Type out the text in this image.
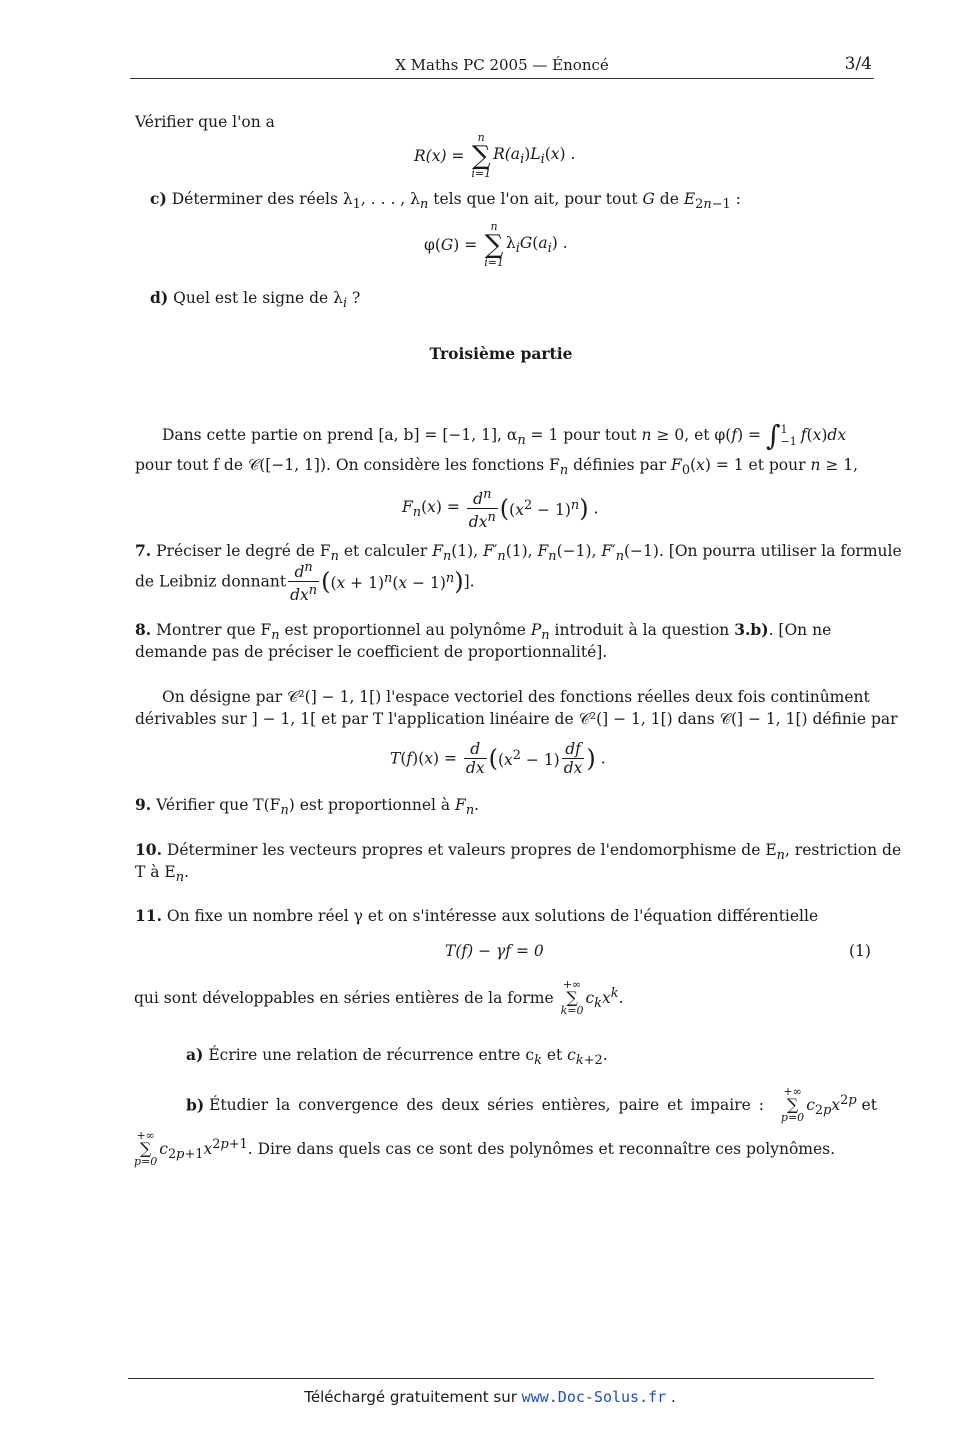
X Maths PC 2005 — Énoncé	3/4
Vérifier que l'on a
R(x) =
n
∑
i=1
$R(a_i)L_i(x)$ .
c) Déterminer des réels $\lambda_1$, . . . , $\lambda_n$ tels que l'on ait, pour tout G de $E_{2n-1}$ :
φ(G) =
n
∑
i=1
$\lambda_iG(a_i)$ .
d) Quel est le signe de $\lambda_i$ ?
Troisième partie
Dans cette partie on prend [a, b] = [−1, 1], $\alpha_n = 1$ pour tout n ≥ 0, et φ(f) = ∫ 1
−1 f(x)dx
pour tout f de 𝒞([−1, 1]). On considère les fonctions $F_n$ définies par $F_0(x) = 1$ et pour n ≥ 1,
$F_n(x) = \frac{d^n}{dx^n} ((x^2 - 1)^n)$ .
7. Préciser le degré de $F_n$ et calculer $F_n(1)$, $F'_n(1)$, $F_n(-1)$, $F'_n(-1)$. [On pourra utiliser la formule
de Leibniz donnant $\frac{d^n}{dx^n} ((x + 1)^n(x - 1)^n)$].
8. Montrer que $F_n$ est proportionnel au polynôme $P_n$ introduit à la question 3.b). [On ne
demande pas de préciser le coefficient de proportionnalité].
On désigne par 𝒞²(] − 1, 1[) l'espace vectoriel des fonctions réelles deux fois continûment
dérivables sur ] − 1, 1[ et par T l'application linéaire de 𝒞²(] − 1, 1[) dans 𝒞(] − 1, 1[) définie par
$T(f)(x) = \frac{d}{dx} ((x^2 - 1) \frac{df}{dx}$ ) .
9. Vérifier que $T(F_n)$ est proportionnel à $F_n$.
10. Déterminer les vecteurs propres et valeurs propres de l'endomorphisme de $E_n$, restriction de
T à $E_n$.
11. On fixe un nombre réel γ et on s'intéresse aux solutions de l'équation différentielle
T(f) − γf = 0	(1)
qui sont développables en séries entières de la forme
+∞
∑
k=0
$c_kx^k$.
a) Écrire une relation de récurrence entre $c_k$ et $c_{k+2}$.
b) Étudier la convergence des deux séries entières, paire et impaire :
+∞
∑
p=0
$c_{2p}x^{2p}$ et
+∞
∑
p=0
$c_{2p+1}x^{2p+1}$. Dire dans quels cas ce sont des polynômes et reconnaître ces polynômes.
Téléchargé gratuitement sur www.Doc-Solus.fr .
